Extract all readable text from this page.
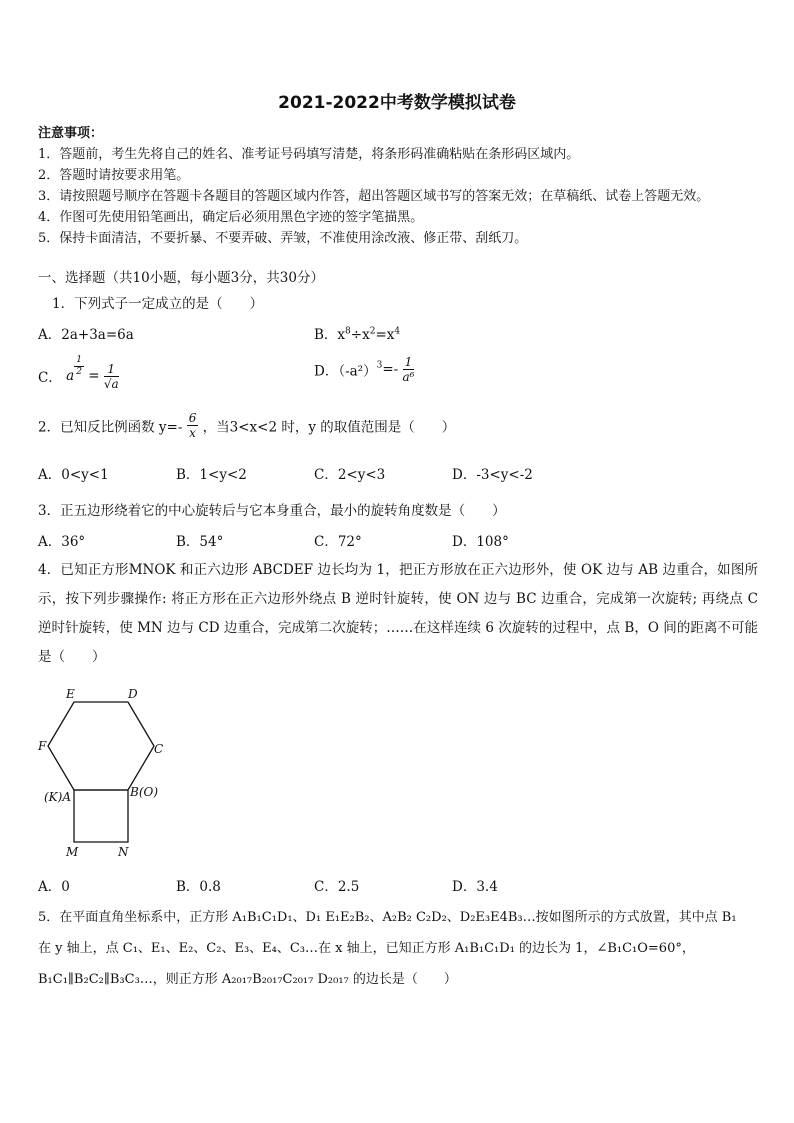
2021-2022中考数学模拟试卷
注意事项：
1．答题前，考生先将自己的姓名、准考证号码填写清楚，将条形码准确粘贴在条形码区域内。
2．答题时请按要求用笔。
3．请按照题号顺序在答题卡各题目的答题区域内作答，超出答题区域书写的答案无效；在草稿纸、试卷上答题无效。
4．作图可先使用铅笔画出，确定后必须用黑色字迹的签字笔描黑。
5．保持卡面清洁，不要折暴、不要弄破、弄皱，不准使用涂改液、修正带、刮纸刀。
一、选择题（共10小题，每小题3分，共30分）
1．下列式子一定成立的是（　　）
A．2a+3a=6a	B．$x^8\div x^2=x^4$
C． a $\frac{1}{2} = \frac{1}{√a}$	D．$(-a^2)^3=- \frac{1}{\text{a⁶}}$
2．已知反比例函数 $y=- \frac{6}{x}$ ，当3<x<2 时，y 的取值范围是（　　）
A．0<y<1	B．1<y<2	C．2<y<3	D．-3<y<-2
3．正五边形绕着它的中心旋转后与它本身重合，最小的旋转角度数是（　　）
A．36°	B．54°	C．72°	D．108°
4．已知正方形MNOK 和正六边形 ABCDEF 边长均为 1，把正方形放在正六边形外，使 OK 边与 AB 边重合，如图所示，按下列步骤操作: 将正方形在正六边形外绕点 B 逆时针旋转，使 ON 边与 BC 边重合，完成第一次旋转; 再绕点 C 逆时针旋转，使 MN 边与 CD 边重合，完成第二次旋转；……在这样连续 6 次旋转的过程中，点 B，O 间的距离不可能是（　　）
E	D
F	C
(K)A	B(O)
M	N
A．0	B．0.8	C．2.5	D．3.4
5．在平面直角坐标系中，正方形 A₁B₁C₁D₁、D₁ E₁E₂B₂、A₂B₂ C₂D₂、D₂E₃E4B₃…按如图所示的方式放置，其中点 B₁
在 y 轴上，点 C₁、E₁、E₂、C₂、E₃、E₄、C₃…在 x 轴上，已知正方形 A₁B₁C₁D₁ 的边长为 1，∠B₁C₁O=60°，
B₁C₁∥B₂C₂∥B₃C₃…，则正方形 A₂₀₁₇B₂₀₁₇C₂₀₁₇ D₂₀₁₇ 的边长是（　　）
